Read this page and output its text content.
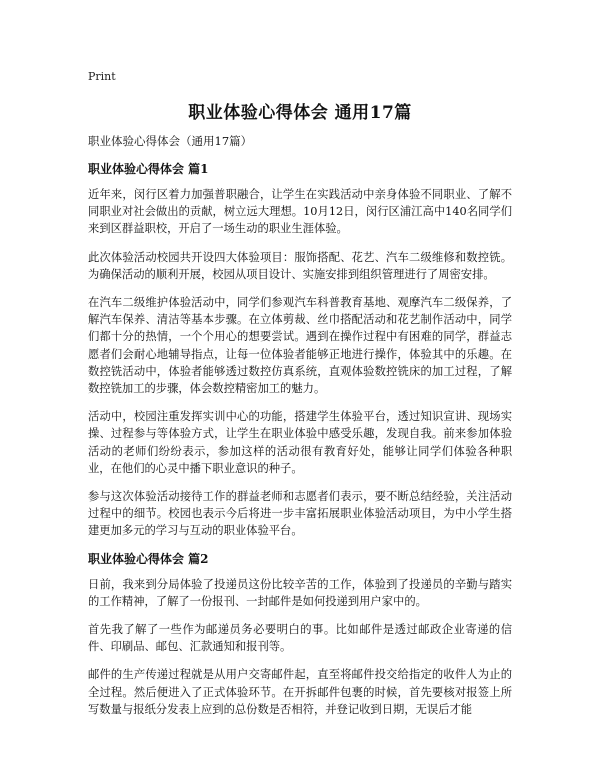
Print
职业体验心得体会 通用17篇

职业体验心得体会（通用17篇）

职业体验心得体会 篇1

近年来，闵行区着力加强普职融合，让学生在实践活动中亲身体验不同职业、了解不同职业对社会做出的贡献，树立远大理想。10月12日，闵行区浦江高中140名同学们来到区群益职校，开启了一场生动的职业生涯体验。

此次体验活动校园共开设四大体验项目：服饰搭配、花艺、汽车二级维修和数控铣。为确保活动的顺利开展，校园从项目设计、实施安排到组织管理进行了周密安排。

在汽车二级维护体验活动中，同学们参观汽车科普教育基地、观摩汽车二级保养，了解汽车保养、清洁等基本步骤。在立体剪裁、丝巾搭配活动和花艺制作活动中，同学们都十分的热情，一个个用心的想要尝试。遇到在操作过程中有困难的同学，群益志愿者们会耐心地辅导指点，让每一位体验者能够正地进行操作，体验其中的乐趣。在数控铣活动中，体验者能够透过数控仿真系统，直观体验数控铣床的加工过程，了解数控铣加工的步骤，体会数控精密加工的魅力。

活动中，校园注重发挥实训中心的功能，搭建学生体验平台，透过知识宣讲、现场实操、过程参与等体验方式，让学生在职业体验中感受乐趣，发现自我。前来参加体验活动的老师们纷纷表示，参加这样的活动很有教育好处，能够让同学们体验各种职业，在他们的心灵中播下职业意识的种子。

参与这次体验活动接待工作的群益老师和志愿者们表示，要不断总结经验，关注活动过程中的细节。校园也表示今后将进一步丰富拓展职业体验活动项目，为中小学生搭建更加多元的学习与互动的职业体验平台。

职业体验心得体会 篇2

日前，我来到分局体验了投递员这份比较辛苦的工作，体验到了投递员的辛勤与踏实的工作精神，了解了一份报刊、一封邮件是如何投递到用户家中的。

首先我了解了一些作为邮递员务必要明白的事。比如邮件是透过邮政企业寄递的信件、印刷品、邮包、汇款通知和报刊等。

邮件的生产传递过程就是从用户交寄邮件起，直至将邮件投交给指定的收件人为止的全过程。然后便进入了正式体验环节。在开拆邮件包裹的时候，首先要核对报签上所写数量与报纸分发表上应到的总份数是否相符，并登记收到日期，无误后才能
